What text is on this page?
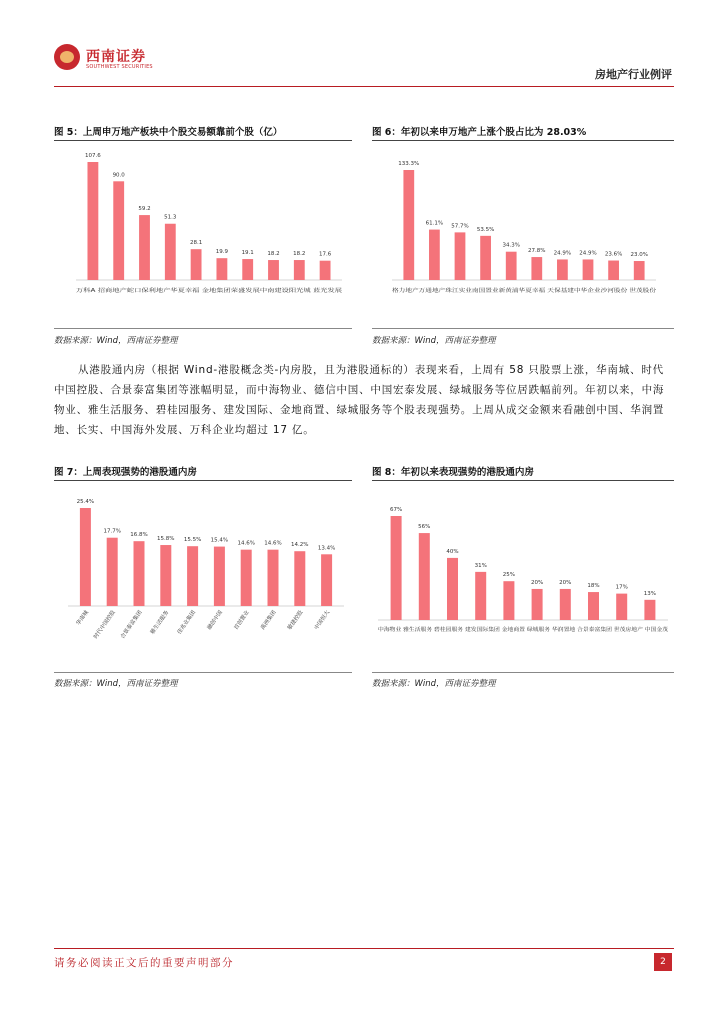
西南证券
SOUTHWEST SECURITIES
房地产行业例评
图 5：上周申万地产板块中个股交易额靠前个股（亿）
107.6
90.0
59.2
51.3
28.1
19.9 19.1 18.2 18.2 17.6
万科A 招商地产蛇口保利地产华夏幸福 金地集团荣盛发展中南建设阳光城 蓝光发展
数据来源：Wind，西南证券整理
图 6：年初以来申万地产上涨个股占比为 28.03%
133.3%
61.1% 57.7%
53.5%
34.3%
27.8% 24.9% 24.9% 23.6% 23.0%
格力地产万通地产珠江实业南国置业新黄浦华夏幸福 天保基建中华企业沙河股份 世茂股份
数据来源：Wind，西南证券整理
从港股通内房（根据 Wind-港股概念类-内房股，且为港股通标的）表现来看，上周有 58 只股票上涨，华南城、时代中国控股、合景泰富集团等涨幅明显，而中海物业、德信中国、中国宏泰发展、绿城服务等位居跌幅前列。年初以来，中海物业、雅生活服务、碧桂园服务、建发国际、金地商置、绿城服务等个股表现强势。上周从成交金额来看融创中国、华润置地、长实、中国海外发展、万科企业均超过 17 亿。
图 7：上周表现强势的港股通内房
25.4%
华南城
17.7%
时代中国控股
16.8%
合景泰富集团
15.8%
雅生活服务
15.5%
佳兆业集团
15.4%
融创中国
14.6%
首创置业
14.6%
禹洲集团
14.2%
敏捷控股
13.4%
中国恒大
数据来源：Wind，西南证券整理
图 8：年初以来表现强势的港股通内房
67%
56%
40%
31%
25%
20%	20%
18%	17%
13%
中海物业 雅生活服务 碧桂园服务 建发国际集团 金地商置 绿城服务 华润置地 合景泰富集团 世茂房地产 中国金茂
数据来源：Wind，西南证券整理
请务必阅读正文后的重要声明部分	2
